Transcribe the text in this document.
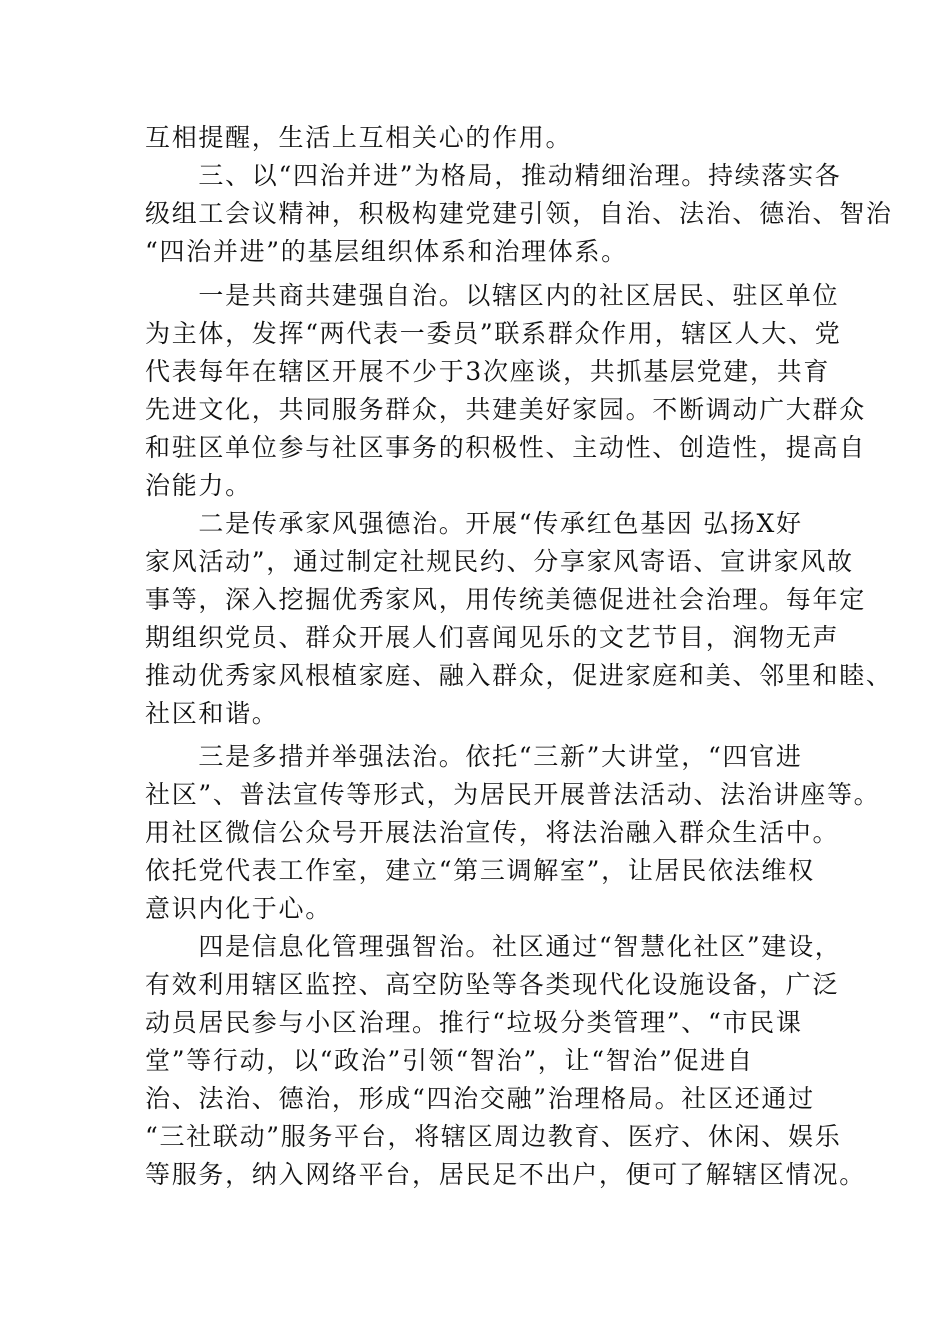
互相提醒，生活上互相关心的作用。
　　三、以“四治并进”为格局，推动精细治理。持续落实各
级组工会议精神，积极构建党建引领，自治、法治、德治、智治
“四治并进”的基层组织体系和治理体系。
　　一是共商共建强自治。以辖区内的社区居民、驻区单位
为主体，发挥“两代表一委员”联系群众作用，辖区人大、党
代表每年在辖区开展不少于3次座谈，共抓基层党建，共育
先进文化，共同服务群众，共建美好家园。不断调动广大群众
和驻区单位参与社区事务的积极性、主动性、创造性，提高自
治能力。
　　二是传承家风强德治。开展“传承红色基因 弘扬X好
家风活动”，通过制定社规民约、分享家风寄语、宣讲家风故
事等，深入挖掘优秀家风，用传统美德促进社会治理。每年定
期组织党员、群众开展人们喜闻见乐的文艺节目，润物无声
推动优秀家风根植家庭、融入群众，促进家庭和美、邻里和睦、
社区和谐。
　　三是多措并举强法治。依托“三新”大讲堂，“四官进
社区”、普法宣传等形式，为居民开展普法活动、法治讲座等。
用社区微信公众号开展法治宣传，将法治融入群众生活中。
依托党代表工作室，建立“第三调解室”，让居民依法维权
意识内化于心。
　　四是信息化管理强智治。社区通过“智慧化社区”建设，
有效利用辖区监控、高空防坠等各类现代化设施设备，广泛
动员居民参与小区治理。推行“垃圾分类管理”、“市民课
堂”等行动，以“政治”引领“智治”，让“智治”促进自
治、法治、德治，形成“四治交融”治理格局。社区还通过
“三社联动”服务平台，将辖区周边教育、医疗、休闲、娱乐
等服务，纳入网络平台，居民足不出户，便可了解辖区情况。
